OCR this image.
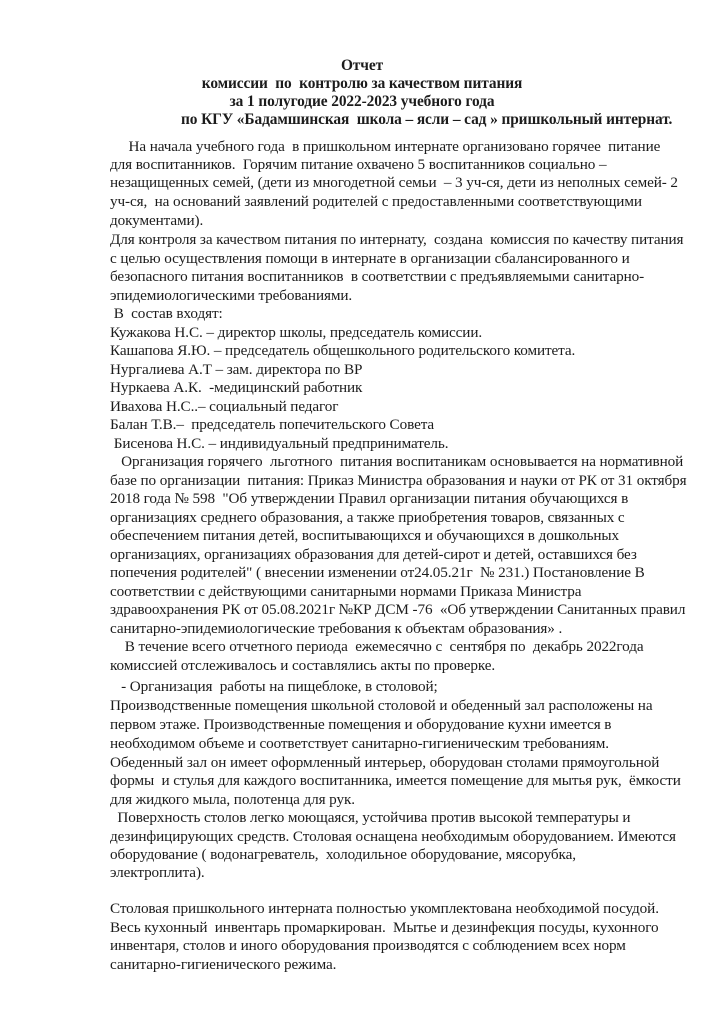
Отчет
комиссии  по  контролю за качеством питания
за 1 полугодие 2022-2023 учебного года
по КГУ «Бадамшинская  школа – ясли – сад » пришкольный интернат.
На начала учебного года  в пришкольном интернате организовано горячее  питание
для воспитанников.  Горячим питание охвачено 5 воспитанников социально –
незащищенных семей, (дети из многодетной семьи  – 3 уч-ся, дети из неполных семей- 2
уч-ся,  на оснований заявлений родителей с предоставленными соответствующими
документами).
Для контроля за качеством питания по интернату,  создана  комиссия по качеству питания
с целью осуществления помощи в интернате в организации сбалансированного и
безопасного питания воспитанников  в соответствии с предъявляемыми санитарно-
эпидемиологическими требованиями.
В  состав входят:
Кужакова Н.С. – директор школы, председатель комиссии.
Кашапова Я.Ю. – председатель общешкольного родительского комитета.
Нургалиева А.Т – зам. директора по ВР
Нуркаева А.К.  -медицинский работник
Ивахова Н.С..– социальный педагог
Балан Т.В.–  председатель попечительского Совета
Бисенова Н.С. – индивидуальный предприниматель.
Организация горячего  льготного  питания воспитаникам основывается на нормативной
базе по организации  питания: Приказ Министра образования и науки от РК от 31 октября
2018 года № 598  "Об утверждении Правил организации питания обучающихся в
организациях среднего образования, а также приобретения товаров, связанных с
обеспечением питания детей, воспитывающихся и обучающихся в дошкольных
организациях, организациях образования для детей-сирот и детей, оставшихся без
попечения родителей" ( внесении изменении от24.05.21г  № 231.) Постановление В
соответствии с действующими санитарными нормами Приказа Министра
здравоохранения РК от 05.08.2021г №КР ДСМ -76  «Об утверждении Санитанных правил
санитарно-эпидемиологические требования к объектам образования» .
В течение всего отчетного периода  ежемесячно с  сентября по  декабрь 2022года
комиссией отслеживалось и составлялись акты по проверке.
- Организация  работы на пищеблоке, в столовой;
Производственные помещения школьной столовой и обеденный зал расположены на
первом этаже. Производственные помещения и оборудование кухни имеется в
необходимом объеме и соответствует санитарно-гигиеническим требованиям.
Обеденный зал он имеет оформленный интерьер, оборудован столами прямоугольной
формы  и стулья для каждого воспитанника, имеется помещение для мытья рук,  ёмкости
для жидкого мыла, полотенца для рук.
Поверхность столов легко моющаяся, устойчива против высокой температуры и
дезинфицирующих средств. Столовая оснащена необходимым оборудованием. Имеются
оборудование ( водонагреватель,  холодильное оборудование, мясорубка,
электроплита).
Столовая пришкольного интерната полностью укомплектована необходимой посудой.
Весь кухонный  инвентарь промаркирован.  Мытье и дезинфекция посуды, кухонного
инвентаря, столов и иного оборудования производятся с соблюдением всех норм
санитарно-гигиенического режима.
